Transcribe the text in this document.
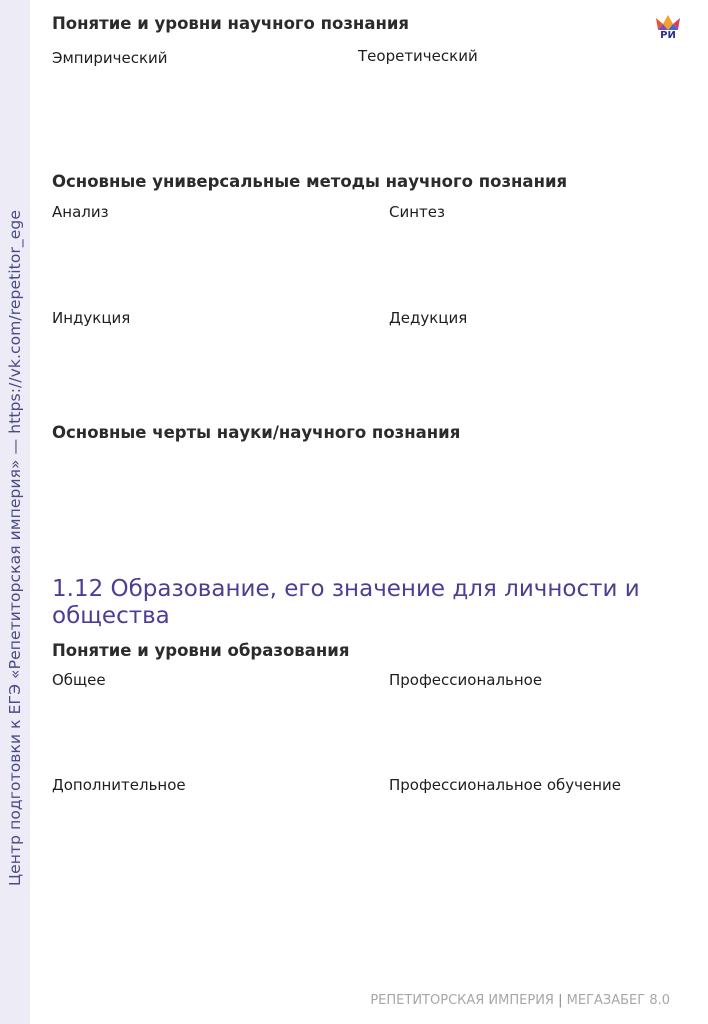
Центр подготовки к ЕГЭ «Репетиторская империя» — https://vk.com/repetitor_ege
РИ
Понятие и уровни научного познания
Эмпирический	Теоретический
Основные универсальные методы научного познания
Анализ	Синтез
Индукция	Дедукция
Основные черты науки/научного познания
1.12 Образование, его значение для личности и общества
Понятие и уровни образования
Общее	Профессиональное
Дополнительное	Профессиональное обучение
РЕПЕТИТОРСКАЯ ИМПЕРИЯ | МЕГАЗАБЕГ 8.0
